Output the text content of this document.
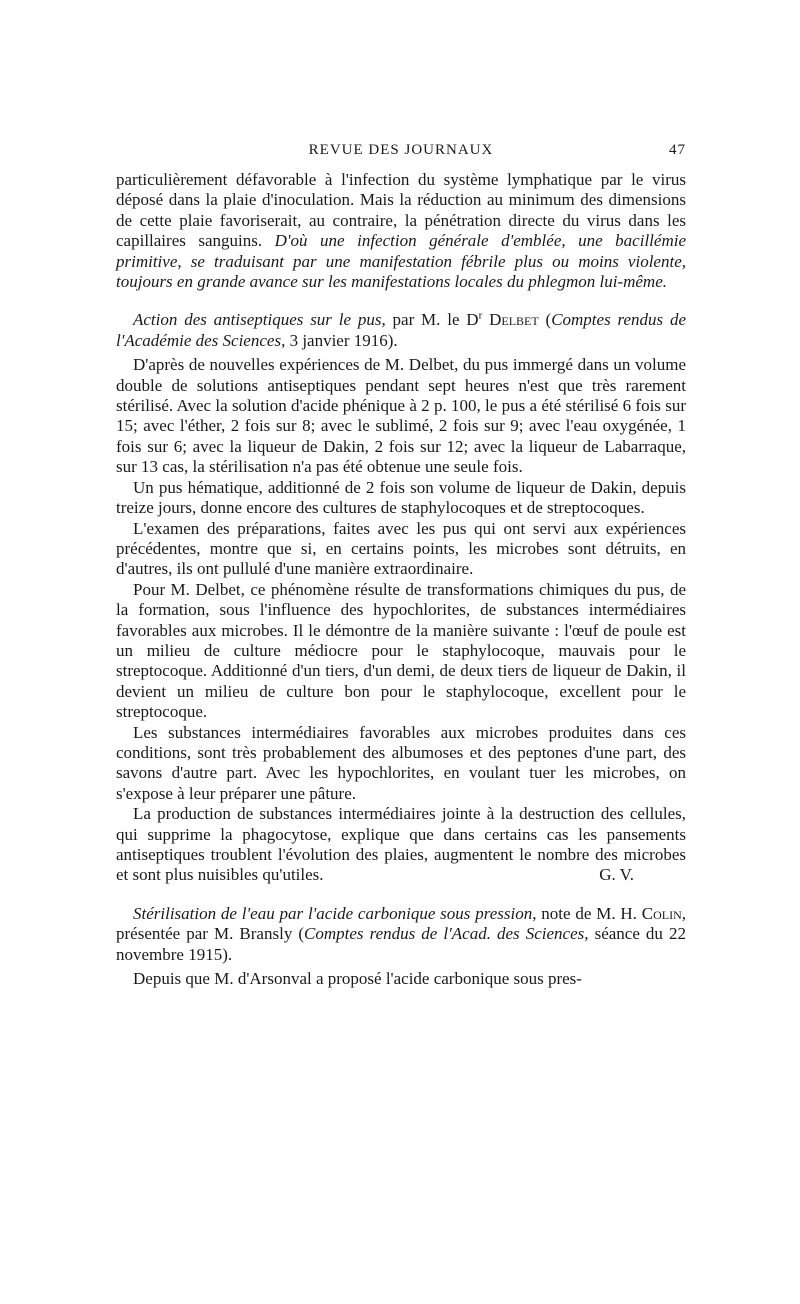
REVUE DES JOURNAUX	47

particulièrement défavorable à l'infection du système lymphatique par le virus déposé dans la plaie d'inoculation. Mais la réduction au minimum des dimensions de cette plaie favoriserait, au contraire, la pénétration directe du virus dans les capillaires sanguins. D'où une infection générale d'emblée, une bacillémie primitive, se traduisant par une manifestation fébrile plus ou moins violente, toujours en grande avance sur les manifestations locales du phlegmon lui-même.

Action des antiseptiques sur le pus, par M. le $D^r$ Delbet (Comptes rendus de l'Académie des Sciences, 3 janvier 1916).

D'après de nouvelles expériences de M. Delbet, du pus immergé dans un volume double de solutions antiseptiques pendant sept heures n'est que très rarement stérilisé. Avec la solution d'acide phénique à 2 p. 100, le pus a été stérilisé 6 fois sur 15; avec l'éther, 2 fois sur 8; avec le sublimé, 2 fois sur 9; avec l'eau oxygénée, 1 fois sur 6; avec la liqueur de Dakin, 2 fois sur 12; avec la liqueur de Labarraque, sur 13 cas, la stérilisation n'a pas été obtenue une seule fois.

Un pus hématique, additionné de 2 fois son volume de liqueur de Dakin, depuis treize jours, donne encore des cultures de staphylocoques et de streptocoques.

L'examen des préparations, faites avec les pus qui ont servi aux expériences précédentes, montre que si, en certains points, les microbes sont détruits, en d'autres, ils ont pullulé d'une manière extraordinaire.

Pour M. Delbet, ce phénomène résulte de transformations chimiques du pus, de la formation, sous l'influence des hypochlorites, de substances intermédiaires favorables aux microbes. Il le démontre de la manière suivante : l'œuf de poule est un milieu de culture médiocre pour le staphylocoque, mauvais pour le streptocoque. Additionné d'un tiers, d'un demi, de deux tiers de liqueur de Dakin, il devient un milieu de culture bon pour le staphylocoque, excellent pour le streptocoque.

Les substances intermédiaires favorables aux microbes produites dans ces conditions, sont très probablement des albumoses et des peptones d'une part, des savons d'autre part. Avec les hypochlorites, en voulant tuer les microbes, on s'expose à leur préparer une pâture.

La production de substances intermédiaires jointe à la destruction des cellules, qui supprime la phagocytose, explique que dans certains cas les pansements antiseptiques troublent l'évolution des plaies, augmentent le nombre des microbes et sont plus nuisibles qu'utiles.	G. V.

Stérilisation de l'eau par l'acide carbonique sous pression, note de M. H. Colin, présentée par M. Bransly (Comptes rendus de l'Acad. des Sciences, séance du 22 novembre 1915).

Depuis que M. d'Arsonval a proposé l'acide carbonique sous pres-
